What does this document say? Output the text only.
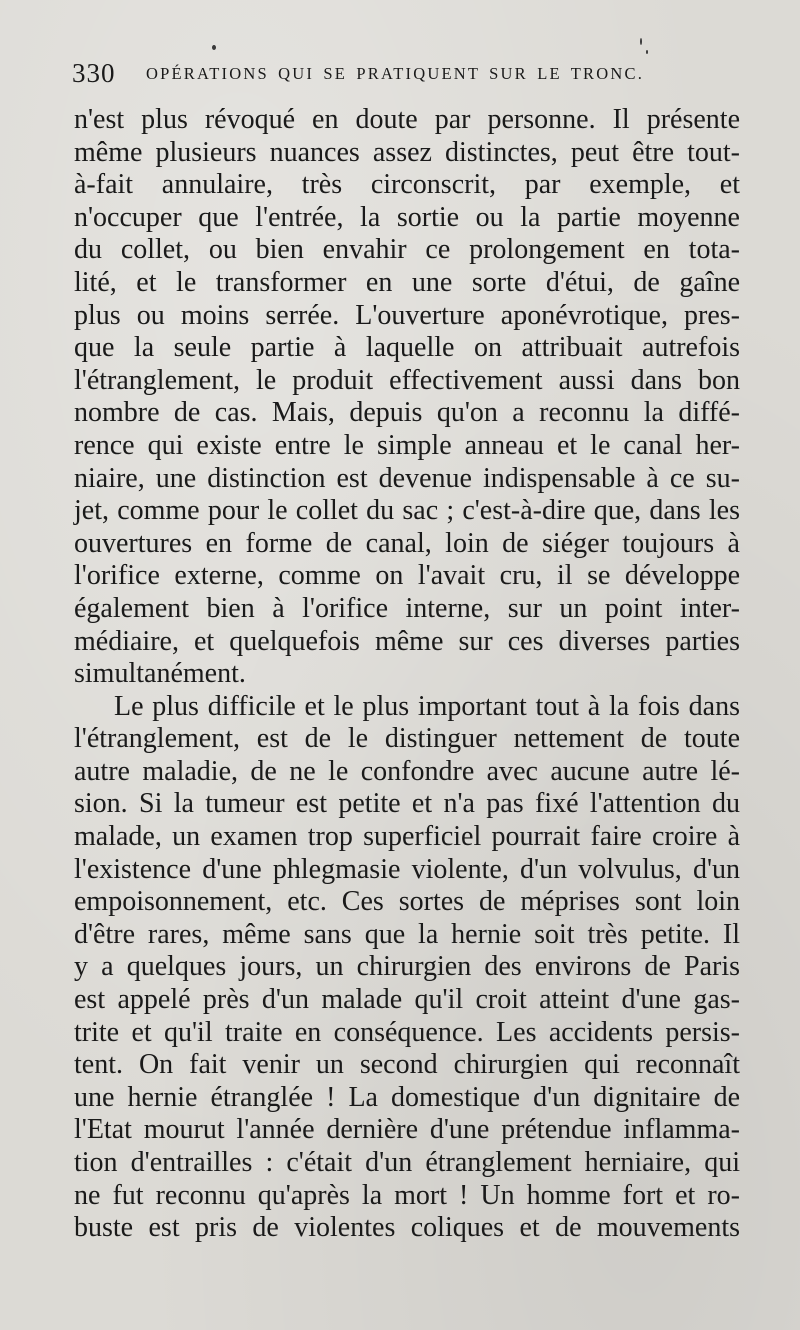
330 OPÉRATIONS QUI SE PRATIQUENT SUR LE TRONC.
n'est plus révoqué en doute par personne. Il présente
même plusieurs nuances assez distinctes, peut être tout-
à-fait annulaire, très circonscrit, par exemple, et
n'occuper que l'entrée, la sortie ou la partie moyenne
du collet, ou bien envahir ce prolongement en tota-
lité, et le transformer en une sorte d'étui, de gaîne
plus ou moins serrée. L'ouverture aponévrotique, pres-
que la seule partie à laquelle on attribuait autrefois
l'étranglement, le produit effectivement aussi dans bon
nombre de cas. Mais, depuis qu'on a reconnu la diffé-
rence qui existe entre le simple anneau et le canal her-
niaire, une distinction est devenue indispensable à ce su-
jet, comme pour le collet du sac ; c'est-à-dire que, dans les
ouvertures en forme de canal, loin de siéger toujours à
l'orifice externe, comme on l'avait cru, il se développe
également bien à l'orifice interne, sur un point inter-
médiaire, et quelquefois même sur ces diverses parties
simultanément.
Le plus difficile et le plus important tout à la fois dans
l'étranglement, est de le distinguer nettement de toute
autre maladie, de ne le confondre avec aucune autre lé-
sion. Si la tumeur est petite et n'a pas fixé l'attention du
malade, un examen trop superficiel pourrait faire croire à
l'existence d'une phlegmasie violente, d'un volvulus, d'un
empoisonnement, etc. Ces sortes de méprises sont loin
d'être rares, même sans que la hernie soit très petite. Il
y a quelques jours, un chirurgien des environs de Paris
est appelé près d'un malade qu'il croit atteint d'une gas-
trite et qu'il traite en conséquence. Les accidents persis-
tent. On fait venir un second chirurgien qui reconnaît
une hernie étranglée ! La domestique d'un dignitaire de
l'Etat mourut l'année dernière d'une prétendue inflamma-
tion d'entrailles : c'était d'un étranglement herniaire, qui
ne fut reconnu qu'après la mort ! Un homme fort et ro-
buste est pris de violentes coliques et de mouvements
